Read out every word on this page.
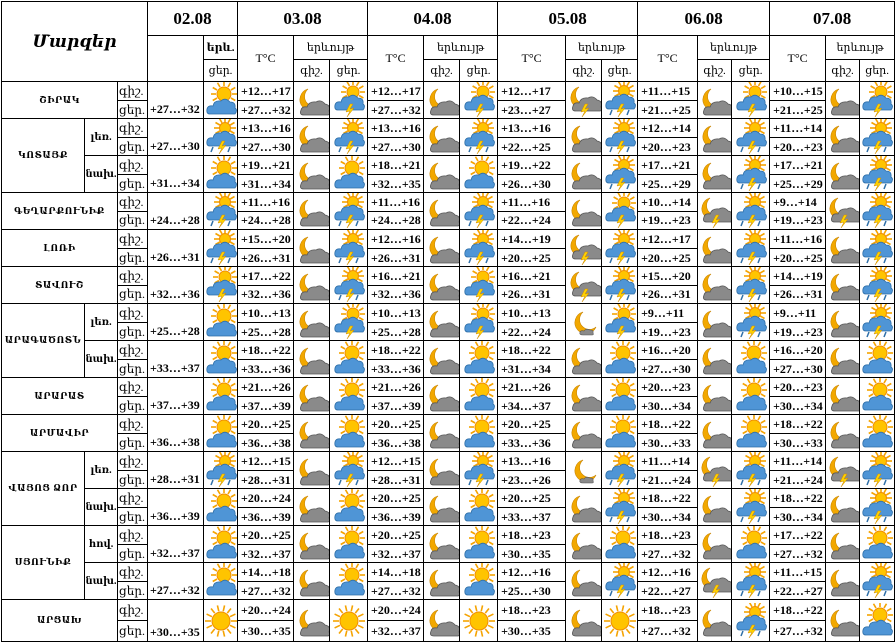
Մարզեր			02.08		03.08			04.08			05.08			06.08			07.08		
				երև.	T°C	երևույթ		T°C	երևույթ		T°C	երևույթ		T°C	երևույթ		T°C	երևույթ	
				ցեր.		գիշ.	ցեր.		գիշ.	ցեր.		գիշ.	ցեր.		գիշ.	ցեր.		գիշ.	ցեր.
ՇԻՐԱԿ		գիշ.	+27…+32		+12…+17			+12…+17			+12…+17			+11…+15			+10…+15	

		ցեր.			+27…+32			+27…+32			+23…+27			+21…+25			+21…+25		
ԿՈՏԱՅՔ	լեռ.	գիշ.	+27…+30		+13…+16			+13…+16			+13…+16			+12…+14			+11…+14	

		ցեր.			+27…+30			+27…+30			+22…+25			+20…+23			+20…+23		
	նախ.	գիշ.	+31…+34		+19…+21			+18…+21			+19…+22			+17…+21			+17…+21	

		ցեր.			+31…+34			+32…+35			+26…+30			+25…+29			+25…+29		
ԳԵՂԱՐՔՈՒՆԻՔ		գիշ.	+24…+28		+11…+16			+11…+16			+11…+16			+10…+14			+9…+14	

		ցեր.			+24…+28			+24…+28			+22…+24			+19…+23			+19…+23		
ԼՈՌԻ		գիշ.	+26…+31		+15…+20			+12…+16			+14…+19			+12…+17			+11…+16	

		ցեր.			+26…+31			+26…+31			+20…+25			+20…+25			+20…+25		
ՏԱՎՈՒՇ		գիշ.	+32…+36		+17…+22			+16…+21			+16…+21			+15…+20			+14…+19	

		ցեր.			+32…+36			+32…+36			+26…+31			+26…+31			+26…+31		
ԱՐԱԳԱԾՈՏՆ	լեռ.	գիշ.	+25…+28		+10…+13			+10…+13			+10…+13			+9…+11			+9…+11	

		ցեր.			+25…+28			+25…+28			+22…+24			+19…+23			+19…+23		
	նախ.	գիշ.	+33…+37		+18…+22			+18…+22			+18…+22			+16…+20			+16…+20	

		ցեր.			+33…+36			+33…+36			+31…+34			+27…+30			+27…+30		
ԱՐԱՐԱՏ		գիշ.	+37…+39		+21…+26			+21…+26			+21…+26			+20…+23			+20…+23	

		ցեր.			+37…+39			+37…+39			+34…+37			+30…+34			+30…+34		
ԱՐՄԱՎԻՐ		գիշ.	+36…+38		+20…+25			+20…+25			+20…+25			+18…+22			+18…+22	

		ցեր.			+36…+38			+36…+38			+33…+36			+30…+33			+30…+33		
ՎԱՅՈՑ ՁՈՐ	լեռ.	գիշ.	+28…+31		+12…+15			+12…+15			+13…+16			+11…+14			+11…+14	

		ցեր.			+28…+31			+28…+31			+23…+26			+21…+24			+21…+24		
	նախ.	գիշ.	+36…+39		+20…+24			+20…+25			+20…+25			+18…+22			+18…+22	

		ցեր.			+36…+39			+36…+39			+33…+37			+30…+34			+30…+34		
ՍՅՈՒՆԻՔ	հով.	գիշ.	+32…+37		+20…+25			+20…+25			+18…+23			+18…+23			+17…+22	

		ցեր.			+32…+37			+32…+37			+30…+35			+27…+32			+27…+32		
	նախ.	գիշ.	+27…+32		+14…+18			+14…+18			+12…+16			+12…+16			+11…+15	

		ցեր.			+27…+32			+27…+32			+25…+30			+22…+27			+22…+27		
ԱՐՑԱԽ		գիշ.	+30…+35		+20…+24			+20…+24			+18…+23			+18…+23			+18…+22	

		ցեր.			+30…+35			+32…+37			+30…+35			+27…+32			+27…+32		
